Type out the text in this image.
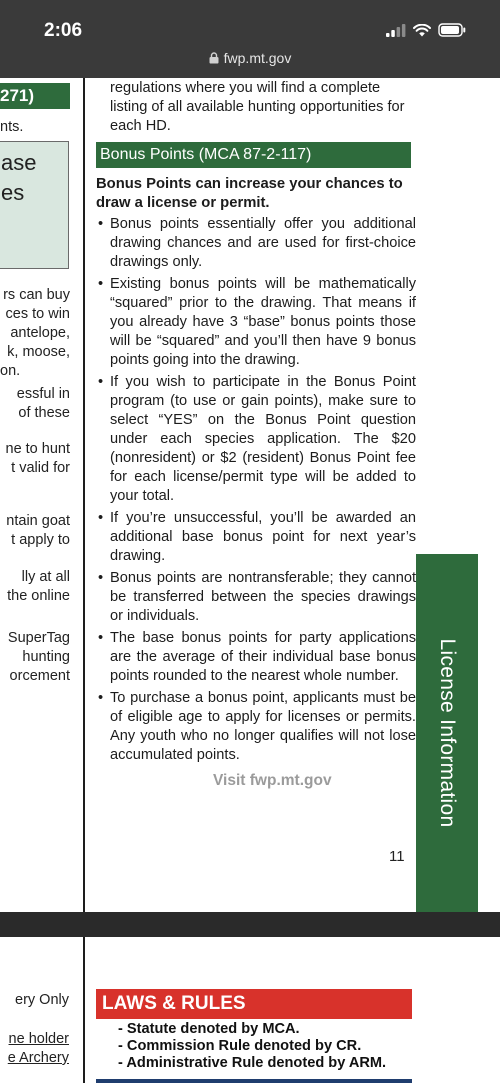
2:06
fwp.mt.gov
271)
nts.
ase
es
rs can buy
ces to win
antelope,
k, moose,
on.
essful in
of these
ne to hunt
t valid for
ntain goat
t apply to
lly at all
the online
SuperTag
hunting
orcement
regulations where you will find a complete listing of all available hunting opportunities for each HD.
Bonus Points (MCA 87-2-117)
Bonus Points can increase your chances to draw a license or permit.
• Bonus points essentially offer you additional drawing chances and are used for first-choice drawings only.
• Existing bonus points will be mathematically “squared” prior to the drawing. That means if you already have 3 “base” bonus points those will be “squared” and you’ll then have 9 bonus points going into the drawing.
• If you wish to participate in the Bonus Point program (to use or gain points), make sure to select “YES” on the Bonus Point question under each species application. The $20 (nonresident) or $2 (resident) Bonus Point fee for each license/permit type will be added to your total.
• If you’re unsuccessful, you’ll be awarded an additional base bonus point for next year’s drawing.
• Bonus points are nontransferable; they cannot be transferred between the species drawings or individuals.
• The base bonus points for party applications are the average of their individual base bonus points rounded to the nearest whole number.
• To purchase a bonus point, applicants must be of eligible age to apply for licenses or permits. Any youth who no longer qualifies will not lose accumulated points.
Visit fwp.mt.gov
11
License Information
ery Only
ne holder
e Archery
LAWS & RULES
- Statute denoted by MCA.
- Commission Rule denoted by CR.
- Administrative Rule denoted by ARM.
